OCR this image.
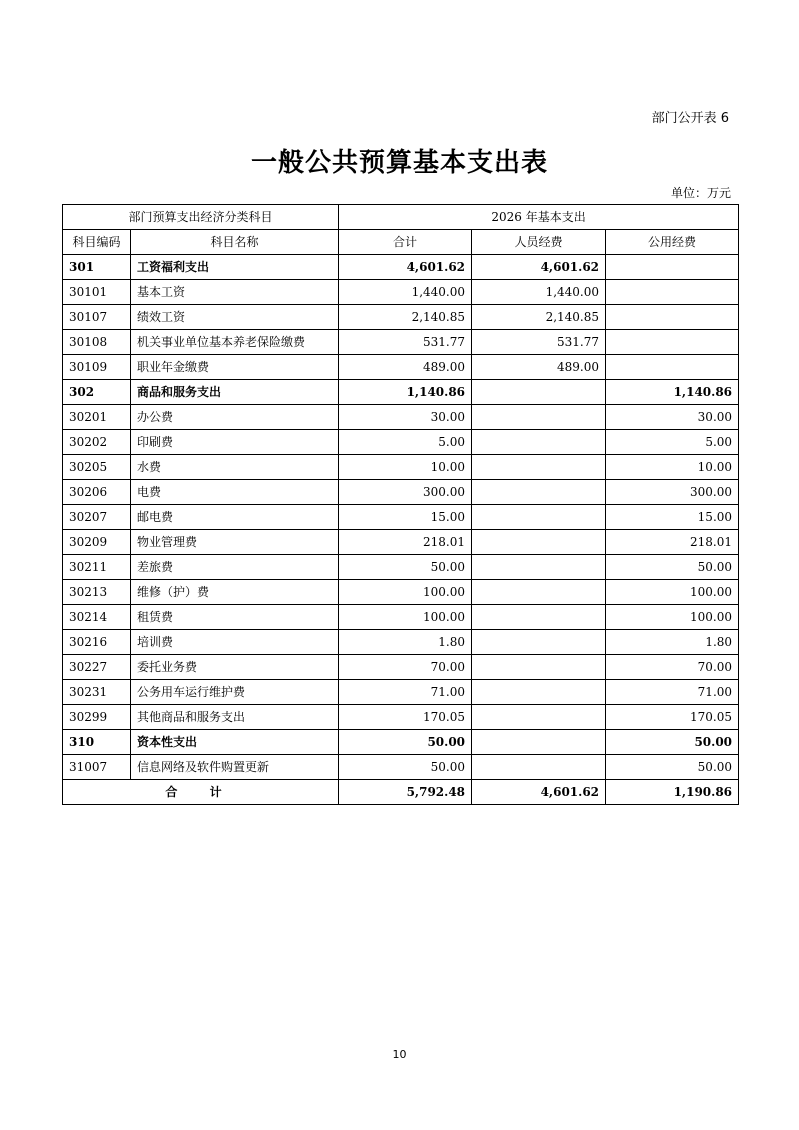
部门公开表 6
一般公共预算基本支出表
单位：万元
部门预算支出经济分类科目		2026 年基本支出		
科目编码	科目名称	合计	人员经费	公用经费
301	工资福利支出	4,601.62	4,601.62	
30101	基本工资	1,440.00	1,440.00	
30107	绩效工资	2,140.85	2,140.85	
30108	机关事业单位基本养老保险缴费	531.77	531.77	
30109	职业年金缴费	489.00	489.00	
302	商品和服务支出	1,140.86		1,140.86
30201	办公费	30.00		30.00
30202	印刷费	5.00		5.00
30205	水费	10.00		10.00
30206	电费	300.00		300.00
30207	邮电费	15.00		15.00
30209	物业管理费	218.01		218.01
30211	差旅费	50.00		50.00
30213	维修（护）费	100.00		100.00
30214	租赁费	100.00		100.00
30216	培训费	1.80		1.80
30227	委托业务费	70.00		70.00
30231	公务用车运行维护费	71.00		71.00
30299	其他商品和服务支出	170.05		170.05
310	资本性支出	50.00		50.00
31007	信息网络及软件购置更新	50.00		50.00
合 计		5,792.48	4,601.62	1,190.86
10
